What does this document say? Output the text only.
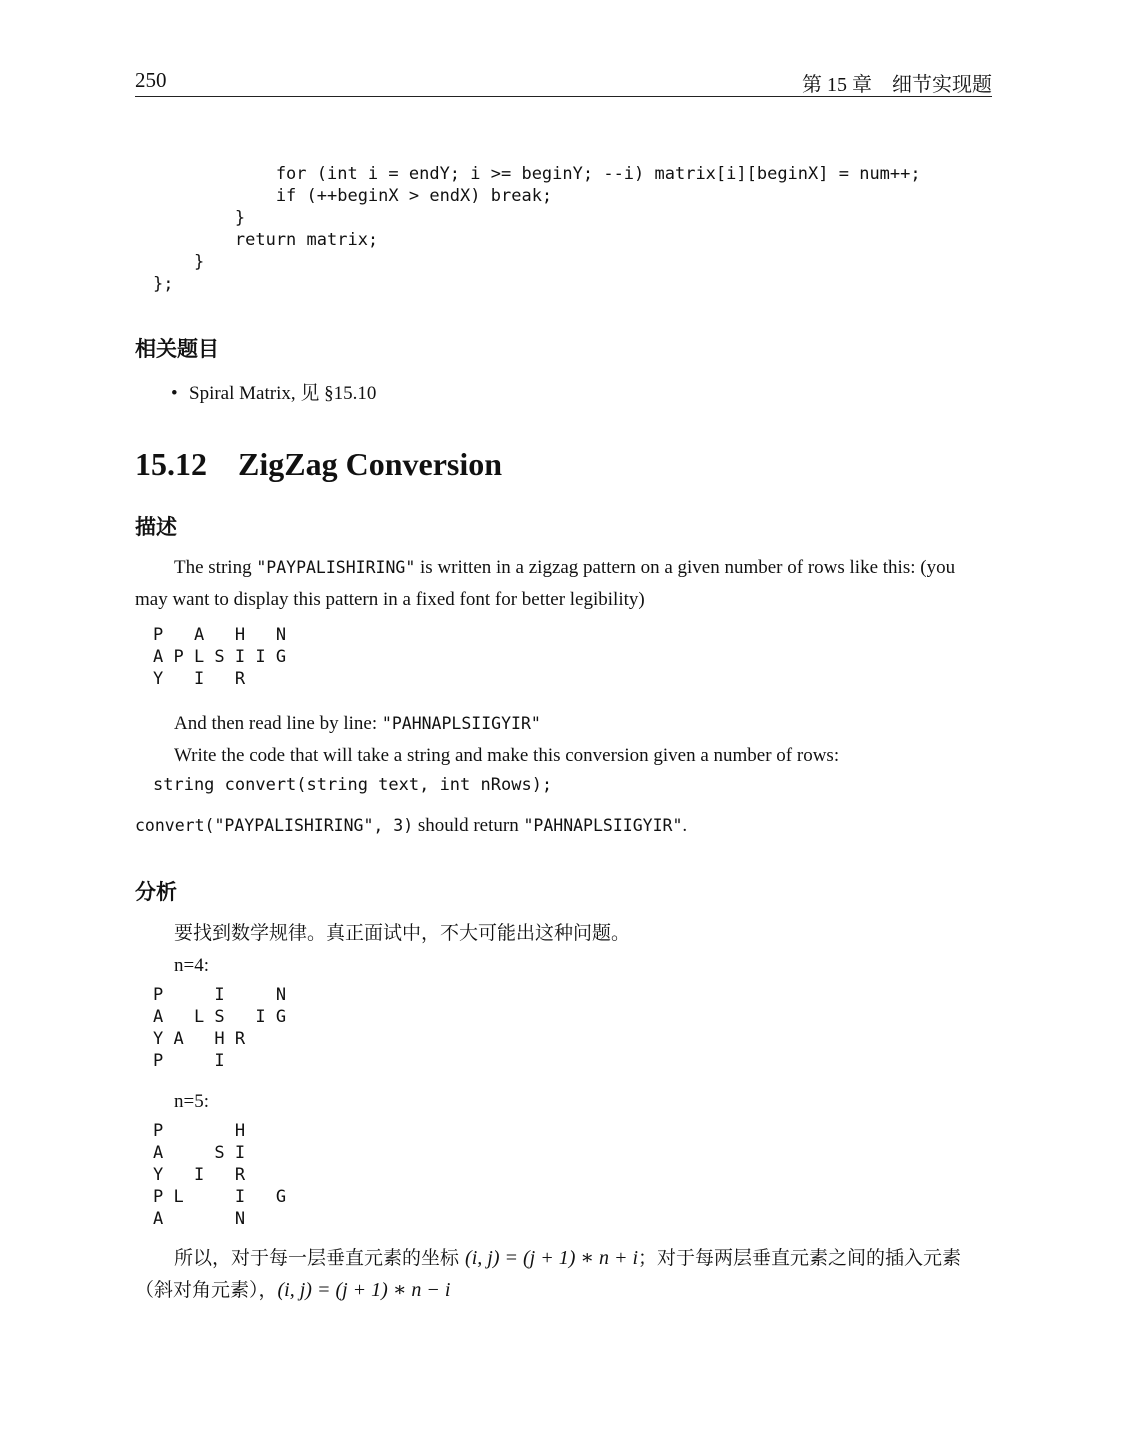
250	第 15 章 细节实现题
for (int i = endY; i >= beginY; --i) matrix[i][beginX] = num++;
if (++beginX > endX) break;
}
return matrix;
}
};
相关题目
• Spiral Matrix, 见 §15.10
15.12 ZigZag Conversion
描述
The string "PAYPALISHIRING" is written in a zigzag pattern on a given number of rows like this: (you may want to display this pattern in a fixed font for better legibility)
P   A   H   N
A P L S I I G
Y   I   R
And then read line by line: "PAHNAPLSIIGYIR"
Write the code that will take a string and make this conversion given a number of rows:
string convert(string text, int nRows);
convert("PAYPALISHIRING", 3) should return "PAHNAPLSIIGYIR".
分析
要找到数学规律。真正面试中，不大可能出这种问题。
n=4:
P     I     N
A   L S   I G
Y A   H R
P     I
n=5:
P       H
A     S I
Y   I   R
P L     I   G
A       N
所以，对于每一层垂直元素的坐标 (i, j) = (j + 1) ∗ n + i；对于每两层垂直元素之间的插入元素（斜对角元素），(i, j) = (j + 1) ∗ n − i
